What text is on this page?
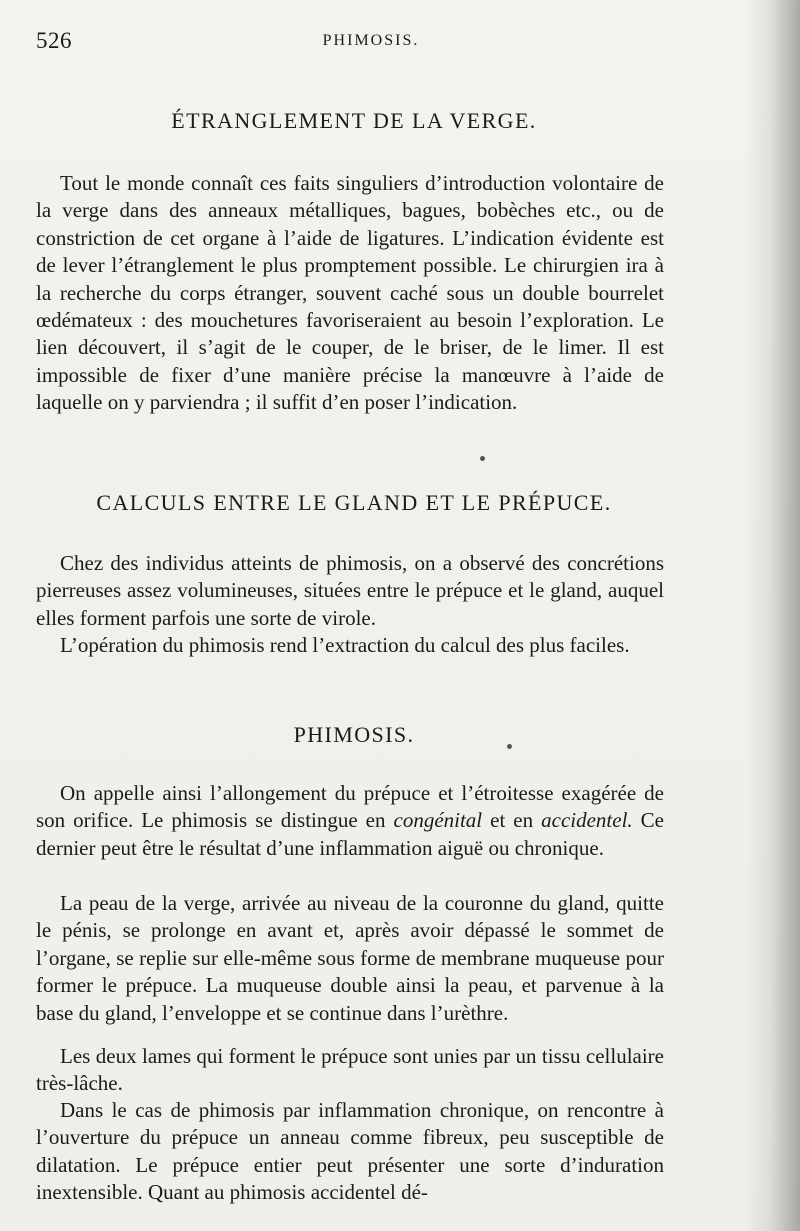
526	PHIMOSIS.
ÉTRANGLEMENT DE LA VERGE.

Tout le monde connaît ces faits singuliers d’introduction volontaire de la verge dans des anneaux métalliques, bagues, bobèches etc., ou de constriction de cet organe à l’aide de ligatures. L’indication évidente est de lever l’étranglement le plus promptement possible. Le chirurgien ira à la recherche du corps étranger, souvent caché sous un double bourrelet œdémateux : des mouchetures favoriseraient au besoin l’exploration. Le lien découvert, il s’agit de le couper, de le briser, de le limer. Il est impossible de fixer d’une manière précise la manœuvre à l’aide de laquelle on y parviendra ; il suffit d’en poser l’indication.

CALCULS ENTRE LE GLAND ET LE PRÉPUCE.

Chez des individus atteints de phimosis, on a observé des concrétions pierreuses assez volumineuses, situées entre le prépuce et le gland, auquel elles forment parfois une sorte de virole.

L’opération du phimosis rend l’extraction du calcul des plus faciles.

PHIMOSIS.

On appelle ainsi l’allongement du prépuce et l’étroitesse exagérée de son orifice. Le phimosis se distingue en congénital et en accidentel. Ce dernier peut être le résultat d’une inflammation aiguë ou chronique.

La peau de la verge, arrivée au niveau de la couronne du gland, quitte le pénis, se prolonge en avant et, après avoir dépassé le sommet de l’organe, se replie sur elle-même sous forme de membrane muqueuse pour former le prépuce. La muqueuse double ainsi la peau, et parvenue à la base du gland, l’enveloppe et se continue dans l’urèthre.

Les deux lames qui forment le prépuce sont unies par un tissu cellulaire très-lâche.

Dans le cas de phimosis par inflammation chronique, on rencontre à l’ouverture du prépuce un anneau comme fibreux, peu susceptible de dilatation. Le prépuce entier peut présenter une sorte d’induration inextensible. Quant au phimosis accidentel dé-
